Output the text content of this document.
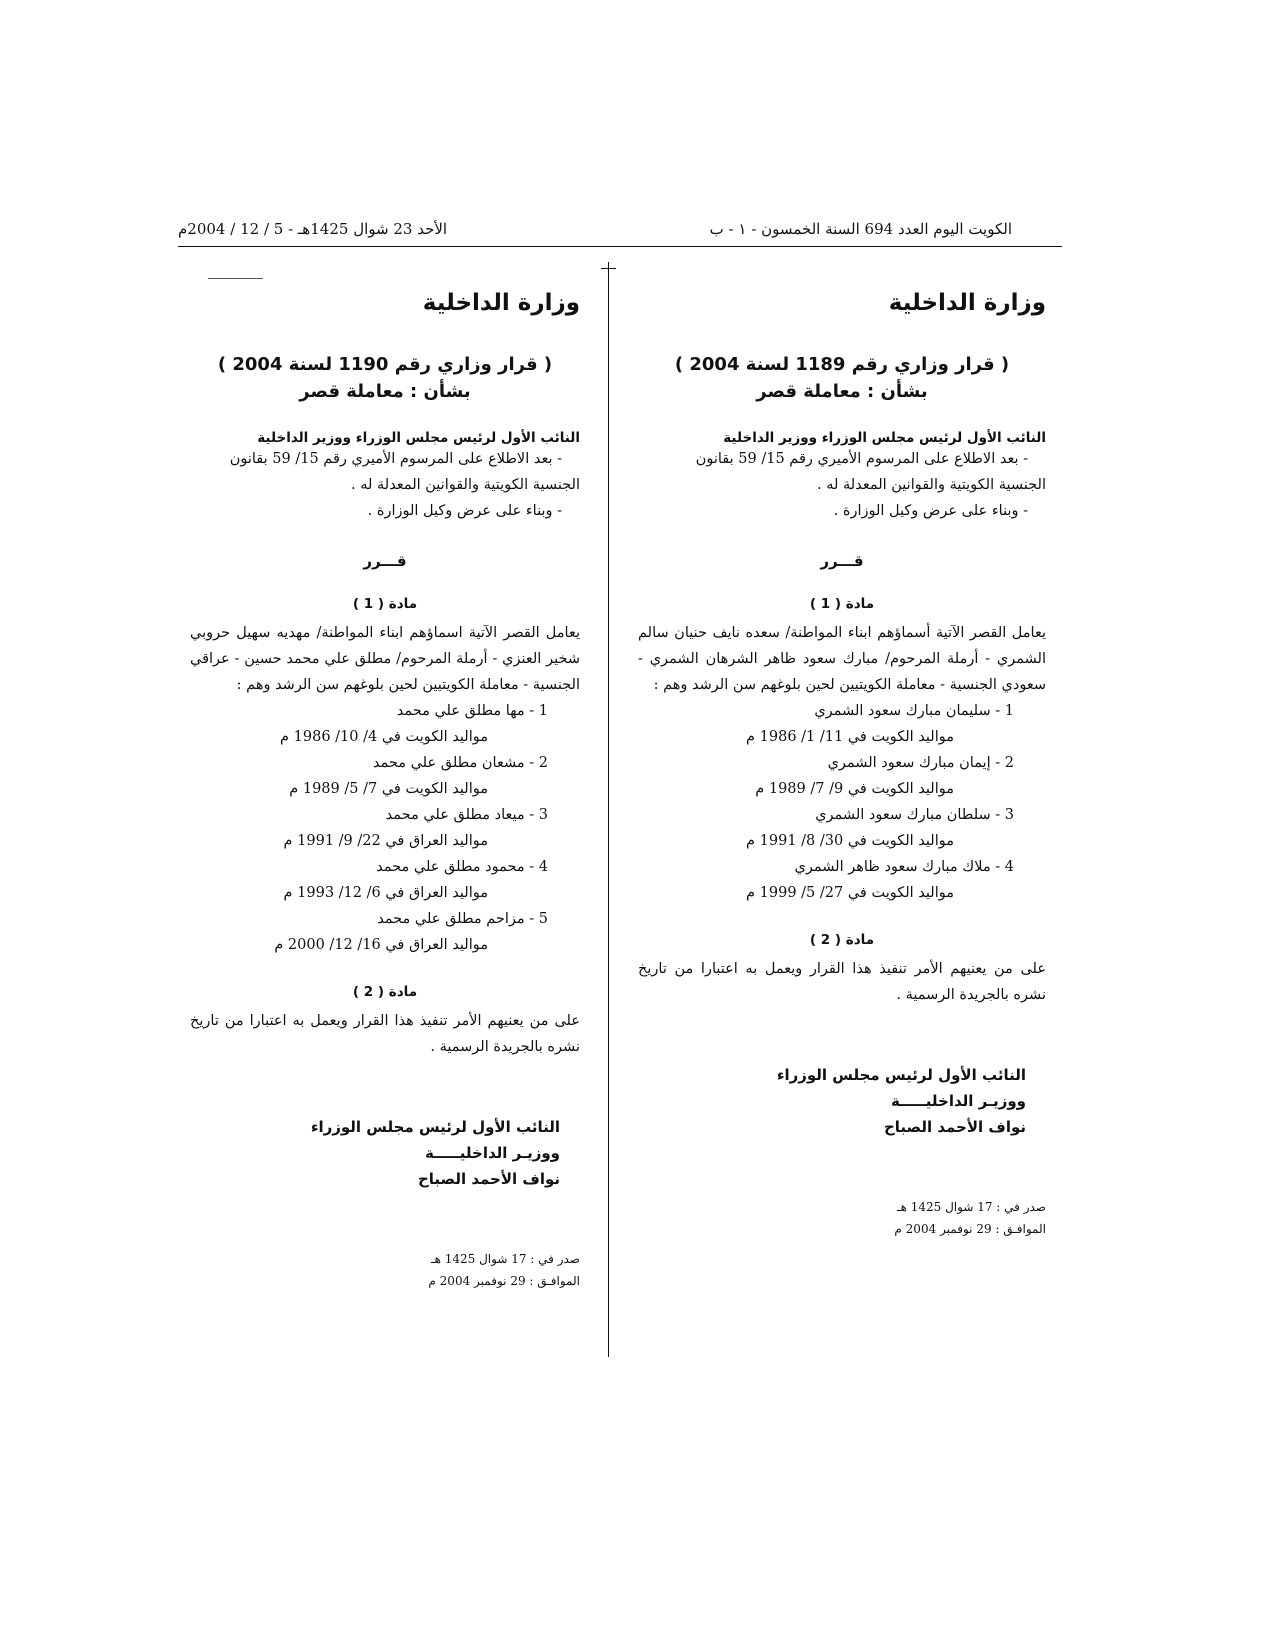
الكويت اليوم العدد 694 السنة الخمسون - ١ - ب
الأحد 23 شوال 1425هـ - 5 / 12 / 2004م
وزارة الداخلية
( قرار وزاري رقم 1189 لسنة 2004 )
بشأن : معاملة قصر
النائب الأول لرئيس مجلس الوزراء ووزير الداخلية

- بعد الاطلاع على المرسوم الأميري رقم 15/ 59 بقانون

الجنسية الكويتية والقوانين المعدلة له .

- وبناء على عرض وكيل الوزارة .

قـــرر
مادة ( 1 )

يعامل القصر الآتية أسماؤهم ابناء المواطنة/ سعده نايف حنيان سالم الشمري - أرملة المرحوم/ مبارك سعود ظاهر الشرهان الشمري - سعودي الجنسية - معاملة الكويتيين لحين بلوغهم سن الرشد وهم :

1 - سليمان مبارك سعود الشمري
مواليد الكويت في 11/ 1/ 1986 م
2 - إيمان مبارك سعود الشمري
مواليد الكويت في 9/ 7/ 1989 م
3 - سلطان مبارك سعود الشمري
مواليد الكويت في 30/ 8/ 1991 م
4 - ملاك مبارك سعود ظاهر الشمري
مواليد الكويت في 27/ 5/ 1999 م
مادة ( 2 )

على من يعنيهم الأمر تنفيذ هذا القرار ويعمل به اعتبارا من تاريخ نشره بالجريدة الرسمية .

النائب الأول لرئيس مجلس الوزراء
ووزيـر الداخليـــــة
نواف الأحمد الصباح
صدر في : 17 شوال 1425 هـ
الموافـق : 29 نوفمبر 2004 م
وزارة الداخلية
( قرار وزاري رقم 1190 لسنة 2004 )
بشأن : معاملة قصر
النائب الأول لرئيس مجلس الوزراء ووزير الداخلية

- بعد الاطلاع على المرسوم الأميري رقم 15/ 59 بقانون

الجنسية الكويتية والقوانين المعدلة له .

- وبناء على عرض وكيل الوزارة .

قـــرر
مادة ( 1 )

يعامل القصر الآتية اسماؤهم ابناء المواطنة/ مهديه سهيل حروبي شخير العنزي - أرملة المرحوم/ مطلق علي محمد حسين - عراقي الجنسية - معاملة الكويتيين لحين بلوغهم سن الرشد وهم :

1 - مها مطلق علي محمد
مواليد الكويت في 4/ 10/ 1986 م
2 - مشعان مطلق علي محمد
مواليد الكويت في 7/ 5/ 1989 م
3 - ميعاد مطلق علي محمد
مواليد العراق في 22/ 9/ 1991 م
4 - محمود مطلق علي محمد
مواليد العراق في 6/ 12/ 1993 م
5 - مزاحم مطلق علي محمد
مواليد العراق في 16/ 12/ 2000 م
مادة ( 2 )

على من يعنيهم الأمر تنفيذ هذا القرار ويعمل به اعتبارا من تاريخ نشره بالجريدة الرسمية .

النائب الأول لرئيس مجلس الوزراء
ووزيـر الداخليـــــة
نواف الأحمد الصباح
صدر في : 17 شوال 1425 هـ
الموافـق : 29 نوفمبر 2004 م
